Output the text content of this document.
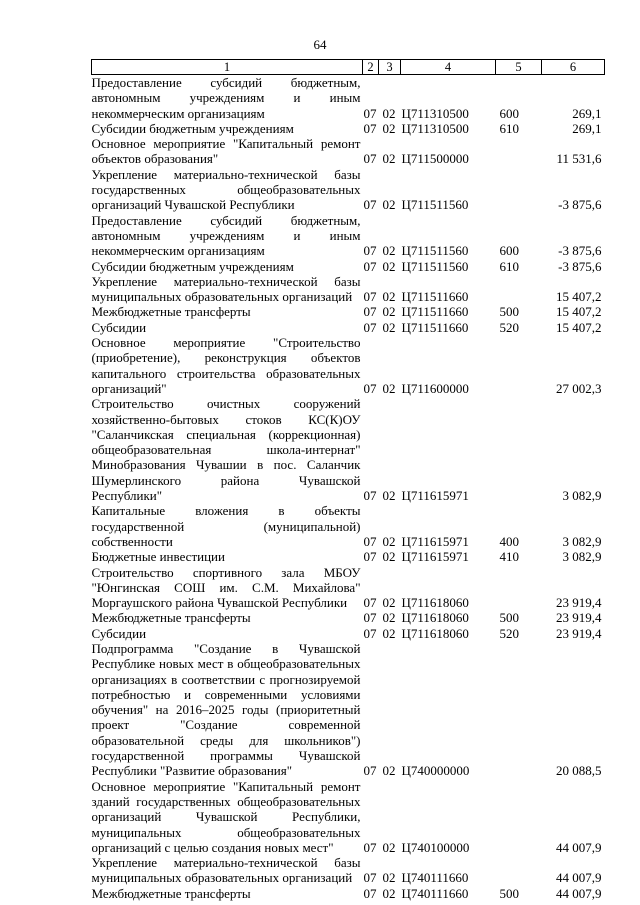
64
1	2	3	4	5	6
Предоставление субсидий бюджетным, автономным учреждениям и иным некоммерческим организациям	07	02	Ц711310500	600	269,1
Субсидии бюджетным учреждениям	07	02	Ц711310500	610	269,1
Основное мероприятие "Капитальный ремонт объектов образования"	07	02	Ц711500000		11 531,6
Укрепление материально-технической базы государственных общеобразовательных организаций Чувашской Республики	07	02	Ц711511560		-3 875,6
Предоставление субсидий бюджетным, автономным учреждениям и иным некоммерческим организациям	07	02	Ц711511560	600	-3 875,6
Субсидии бюджетным учреждениям	07	02	Ц711511560	610	-3 875,6
Укрепление материально-технической базы муниципальных образовательных организаций	07	02	Ц711511660		15 407,2
Межбюджетные трансферты	07	02	Ц711511660	500	15 407,2
Субсидии	07	02	Ц711511660	520	15 407,2
Основное мероприятие "Строительство (приобретение), реконструкция объектов капитального строительства образовательных организаций"	07	02	Ц711600000		27 002,3
Строительство очистных сооружений хозяйственно-бытовых стоков КС(К)ОУ "Саланчикская специальная (коррекционная) общеобразовательная школа-интернат" Минобразования Чувашии в пос. Саланчик Шумерлинского района Чувашской Республики"	07	02	Ц711615971		3 082,9
Капитальные вложения в объекты государственной (муниципальной) собственности	07	02	Ц711615971	400	3 082,9
Бюджетные инвестиции	07	02	Ц711615971	410	3 082,9
Строительство спортивного зала МБОУ "Юнгинская СОШ им. С.М. Михайлова" Моргаушского района Чувашской Республики	07	02	Ц711618060		23 919,4
Межбюджетные трансферты	07	02	Ц711618060	500	23 919,4
Субсидии	07	02	Ц711618060	520	23 919,4
Подпрограмма "Создание в Чувашской Республике новых мест в общеобразовательных организациях в соответствии с прогнозируемой потребностью и современными условиями обучения" на 2016–2025 годы (приоритетный проект "Создание современной образовательной среды для школьников") государственной программы Чувашской Республики "Развитие образования"	07	02	Ц740000000		20 088,5
Основное мероприятие "Капитальный ремонт зданий государственных общеобразовательных организаций Чувашской Республики, муниципальных общеобразовательных организаций с целью создания новых мест"	07	02	Ц740100000		44 007,9
Укрепление материально-технической базы муниципальных образовательных организаций	07	02	Ц740111660		44 007,9
Межбюджетные трансферты	07	02	Ц740111660	500	44 007,9
